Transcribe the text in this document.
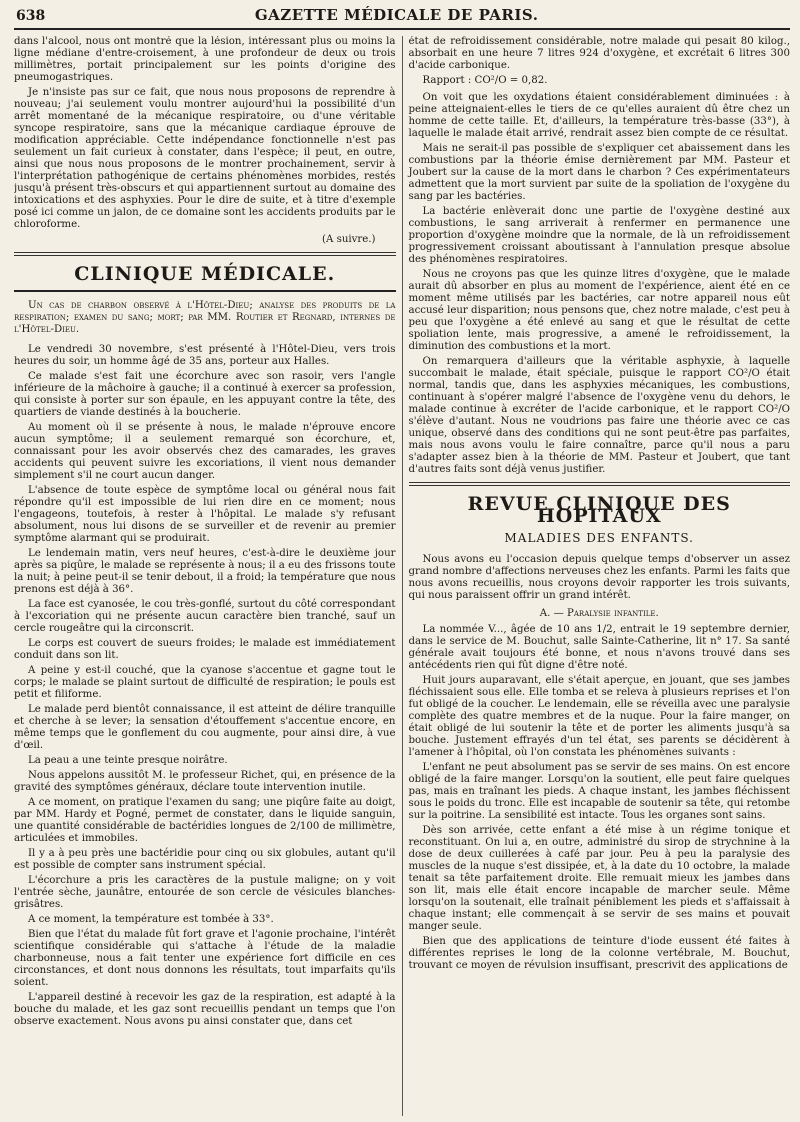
638	GAZETTE MÉDICALE DE PARIS.

dans l'alcool, nous ont montré que la lésion, intéressant plus ou moins la ligne médiane d'entre-croisement, à une profondeur de deux ou trois millimètres, portait principalement sur les points d'origine des pneumogastriques.

Je n'insiste pas sur ce fait, que nous nous proposons de reprendre à nouveau; j'ai seulement voulu montrer aujourd'hui la possibilité d'un arrêt momentané de la mécanique respiratoire, ou d'une véritable syncope respiratoire, sans que la mécanique cardiaque éprouve de modification appréciable. Cette indépendance fonctionnelle n'est pas seulement un fait curieux à constater, dans l'espèce; il peut, en outre, ainsi que nous nous proposons de le montrer prochainement, servir à l'interprétation pathogénique de certains phénomènes morbides, restés jusqu'à présent très-obscurs et qui appartiennent surtout au domaine des intoxications et des asphyxies. Pour le dire de suite, et à titre d'exemple posé ici comme un jalon, de ce domaine sont les accidents produits par le chloroforme.

(A suivre.)
CLINIQUE MÉDICALE.

Un cas de charbon observé à l'Hôtel-Dieu; analyse des produits de la respiration; examen du sang; mort; par MM. Routier et Regnard, internes de l'Hôtel-Dieu.

Le vendredi 30 novembre, s'est présenté à l'Hôtel-Dieu, vers trois heures du soir, un homme âgé de 35 ans, porteur aux Halles.

Ce malade s'est fait une écorchure avec son rasoir, vers l'angle inférieure de la mâchoire à gauche; il a continué à exercer sa profession, qui consiste à porter sur son épaule, en les appuyant contre la tête, des quartiers de viande destinés à la boucherie.

Au moment où il se présente à nous, le malade n'éprouve encore aucun symptôme; il a seulement remarqué son écorchure, et, connaissant pour les avoir observés chez des camarades, les graves accidents qui peuvent suivre les excoriations, il vient nous demander simplement s'il ne court aucun danger.

L'absence de toute espèce de symptôme local ou général nous fait répondre qu'il est impossible de lui rien dire en ce moment; nous l'engageons, toutefois, à rester à l'hôpital. Le malade s'y refusant absolument, nous lui disons de se surveiller et de revenir au premier symptôme alarmant qui se produirait.

Le lendemain matin, vers neuf heures, c'est-à-dire le deuxième jour après sa piqûre, le malade se représente à nous; il a eu des frissons toute la nuit; à peine peut-il se tenir debout, il a froid; la température que nous prenons est déjà à 36°.

La face est cyanosée, le cou très-gonflé, surtout du côté correspondant à l'excoriation qui ne présente aucun caractère bien tranché, sauf un cercle rougeâtre qui la circonscrit.

Le corps est couvert de sueurs froides; le malade est immédiatement conduit dans son lit.

A peine y est-il couché, que la cyanose s'accentue et gagne tout le corps; le malade se plaint surtout de difficulté de respiration; le pouls est petit et filiforme.

Le malade perd bientôt connaissance, il est atteint de délire tranquille et cherche à se lever; la sensation d'étouffement s'accentue encore, en même temps que le gonflement du cou augmente, pour ainsi dire, à vue d'œil.

La peau a une teinte presque noirâtre.

Nous appelons aussitôt M. le professeur Richet, qui, en présence de la gravité des symptômes généraux, déclare toute intervention inutile.

A ce moment, on pratique l'examen du sang; une piqûre faite au doigt, par MM. Hardy et Pogné, permet de constater, dans le liquide sanguin, une quantité considérable de bactéridies longues de 2/100 de millimètre, articulées et immobiles.

Il y a à peu près une bactéridie pour cinq ou six globules, autant qu'il est possible de compter sans instrument spécial.

L'écorchure a pris les caractères de la pustule maligne; on y voit l'entrée sèche, jaunâtre, entourée de son cercle de vésicules blanches-grisâtres.

A ce moment, la température est tombée à 33°.

Bien que l'état du malade fût fort grave et l'agonie prochaine, l'intérêt scientifique considérable qui s'attache à l'étude de la maladie charbonneuse, nous a fait tenter une expérience fort difficile en ces circonstances, et dont nous donnons les résultats, tout imparfaits qu'ils soient.

L'appareil destiné à recevoir les gaz de la respiration, est adapté à la bouche du malade, et les gaz sont recueillis pendant un temps que l'on observe exactement. Nous avons pu ainsi constater que, dans cet

état de refroidissement considérable, notre malade qui pesait 80 kilog., absorbait en une heure 7 litres 924 d'oxygène, et excrétait 6 litres 300 d'acide carbonique.

Rapport : CO²/O = 0,82.

On voit que les oxydations étaient considérablement diminuées : à peine atteignaient-elles le tiers de ce qu'elles auraient dû être chez un homme de cette taille. Et, d'ailleurs, la température très-basse (33°), à laquelle le malade était arrivé, rendrait assez bien compte de ce résultat.

Mais ne serait-il pas possible de s'expliquer cet abaissement dans les combustions par la théorie émise dernièrement par MM. Pasteur et Joubert sur la cause de la mort dans le charbon ? Ces expérimentateurs admettent que la mort survient par suite de la spoliation de l'oxygène du sang par les bactéries.

La bactérie enlèverait donc une partie de l'oxygène destiné aux combustions, le sang arriverait à renfermer en permanence une proportion d'oxygène moindre que la normale, de là un refroidissement progressivement croissant aboutissant à l'annulation presque absolue des phénomènes respiratoires.

Nous ne croyons pas que les quinze litres d'oxygène, que le malade aurait dû absorber en plus au moment de l'expérience, aient été en ce moment même utilisés par les bactéries, car notre appareil nous eût accusé leur disparition; nous pensons que, chez notre malade, c'est peu à peu que l'oxygène a été enlevé au sang et que le résultat de cette spoliation lente, mais progressive, a amené le refroidissement, la diminution des combustions et la mort.

On remarquera d'ailleurs que la véritable asphyxie, à laquelle succombait le malade, était spéciale, puisque le rapport CO²/O était normal, tandis que, dans les asphyxies mécaniques, les combustions, continuant à s'opérer malgré l'absence de l'oxygène venu du dehors, le malade continue à excréter de l'acide carbonique, et le rapport CO²/O s'élève d'autant. Nous ne voudrions pas faire une théorie avec ce cas unique, observé dans des conditions qui ne sont peut-être pas parfaites, mais nous avons voulu le faire connaître, parce qu'il nous a paru s'adapter assez bien à la théorie de MM. Pasteur et Joubert, que tant d'autres faits sont déjà venus justifier.

REVUE CLINIQUE DES HOPITAUX
MALADIES DES ENFANTS.

Nous avons eu l'occasion depuis quelque temps d'observer un assez grand nombre d'affections nerveuses chez les enfants. Parmi les faits que nous avons recueillis, nous croyons devoir rapporter les trois suivants, qui nous paraissent offrir un grand intérêt.

A. — Paralysie infantile.

La nommée V..., âgée de 10 ans 1/2, entrait le 19 septembre dernier, dans le service de M. Bouchut, salle Sainte-Catherine, lit n° 17. Sa santé générale avait toujours été bonne, et nous n'avons trouvé dans ses antécédents rien qui fût digne d'être noté.

Huit jours auparavant, elle s'était aperçue, en jouant, que ses jambes fléchissaient sous elle. Elle tomba et se releva à plusieurs reprises et l'on fut obligé de la coucher. Le lendemain, elle se réveilla avec une paralysie complète des quatre membres et de la nuque. Pour la faire manger, on était obligé de lui soutenir la tête et de porter les aliments jusqu'à sa bouche. Justement effrayés d'un tel état, ses parents se décidèrent à l'amener à l'hôpital, où l'on constata les phénomènes suivants :

L'enfant ne peut absolument pas se servir de ses mains. On est encore obligé de la faire manger. Lorsqu'on la soutient, elle peut faire quelques pas, mais en traînant les pieds. A chaque instant, les jambes fléchissent sous le poids du tronc. Elle est incapable de soutenir sa tête, qui retombe sur la poitrine. La sensibilité est intacte. Tous les organes sont sains.

Dès son arrivée, cette enfant a été mise à un régime tonique et reconstituant. On lui a, en outre, administré du sirop de strychnine à la dose de deux cuillerées à café par jour. Peu à peu la paralysie des muscles de la nuque s'est dissipée, et, à la date du 10 octobre, la malade tenait sa tête parfaitement droite. Elle remuait mieux les jambes dans son lit, mais elle était encore incapable de marcher seule. Même lorsqu'on la soutenait, elle traînait péniblement les pieds et s'affaissait à chaque instant; elle commençait à se servir de ses mains et pouvait manger seule.

Bien que des applications de teinture d'iode eussent été faites à différentes reprises le long de la colonne vertébrale, M. Bouchut, trouvant ce moyen de révulsion insuffisant, prescrivit des applications de
